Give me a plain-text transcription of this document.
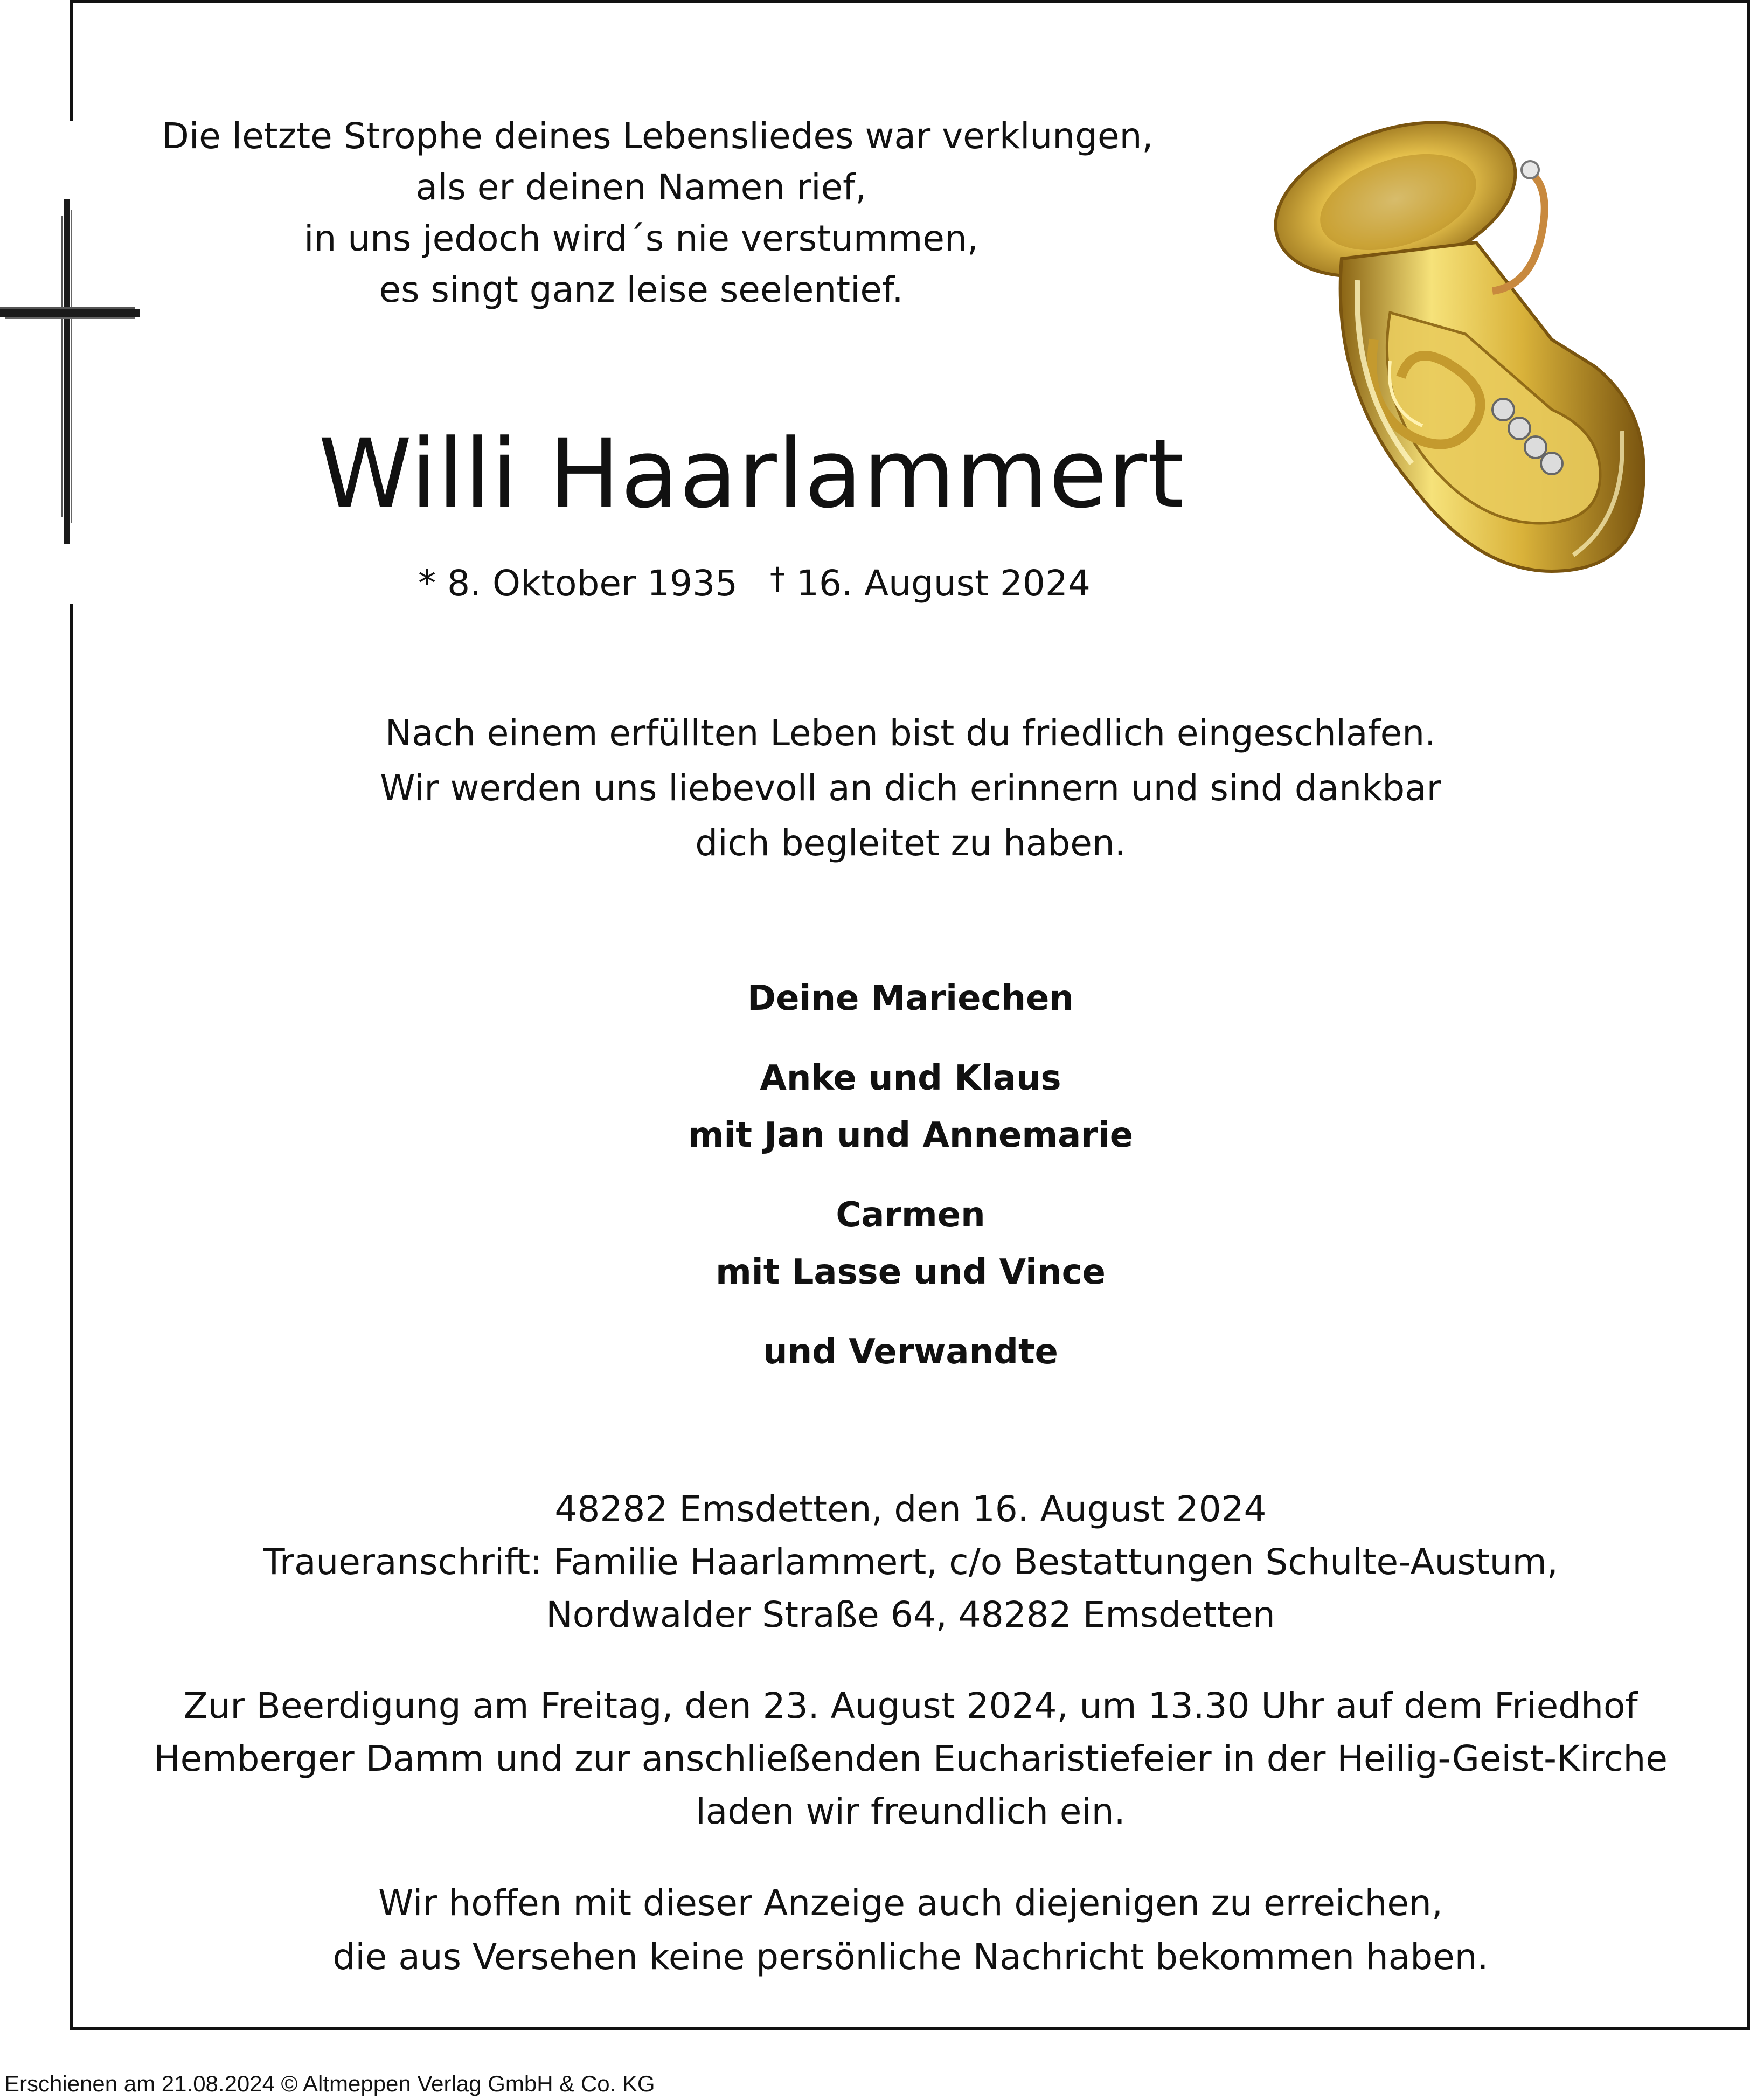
Die letzte Strophe deines Lebensliedes war verklungen,
als er deinen Namen rief,
in uns jedoch wird´s nie verstummen,
es singt ganz leise seelentief.
Willi Haarlammert
* 8. Oktober 1935 † 16. August 2024
Nach einem erfüllten Leben bist du friedlich eingeschlafen.
Wir werden uns liebevoll an dich erinnern und sind dankbar
dich begleitet zu haben.
Deine Mariechen
Anke und Klaus
mit Jan und Annemarie
Carmen
mit Lasse und Vince
und Verwandte
48282 Emsdetten, den 16. August 2024
Traueranschrift: Familie Haarlammert, c/o Bestattungen Schulte-Austum,
Nordwalder Straße 64, 48282 Emsdetten
Zur Beerdigung am Freitag, den 23. August 2024, um 13.30 Uhr auf dem Friedhof
Hemberger Damm und zur anschließenden Eucharistiefeier in der Heilig-Geist-Kirche
laden wir freundlich ein.
Wir hoffen mit dieser Anzeige auch diejenigen zu erreichen,
die aus Versehen keine persönliche Nachricht bekommen haben.
Erschienen am 21.08.2024 © Altmeppen Verlag GmbH & Co. KG
